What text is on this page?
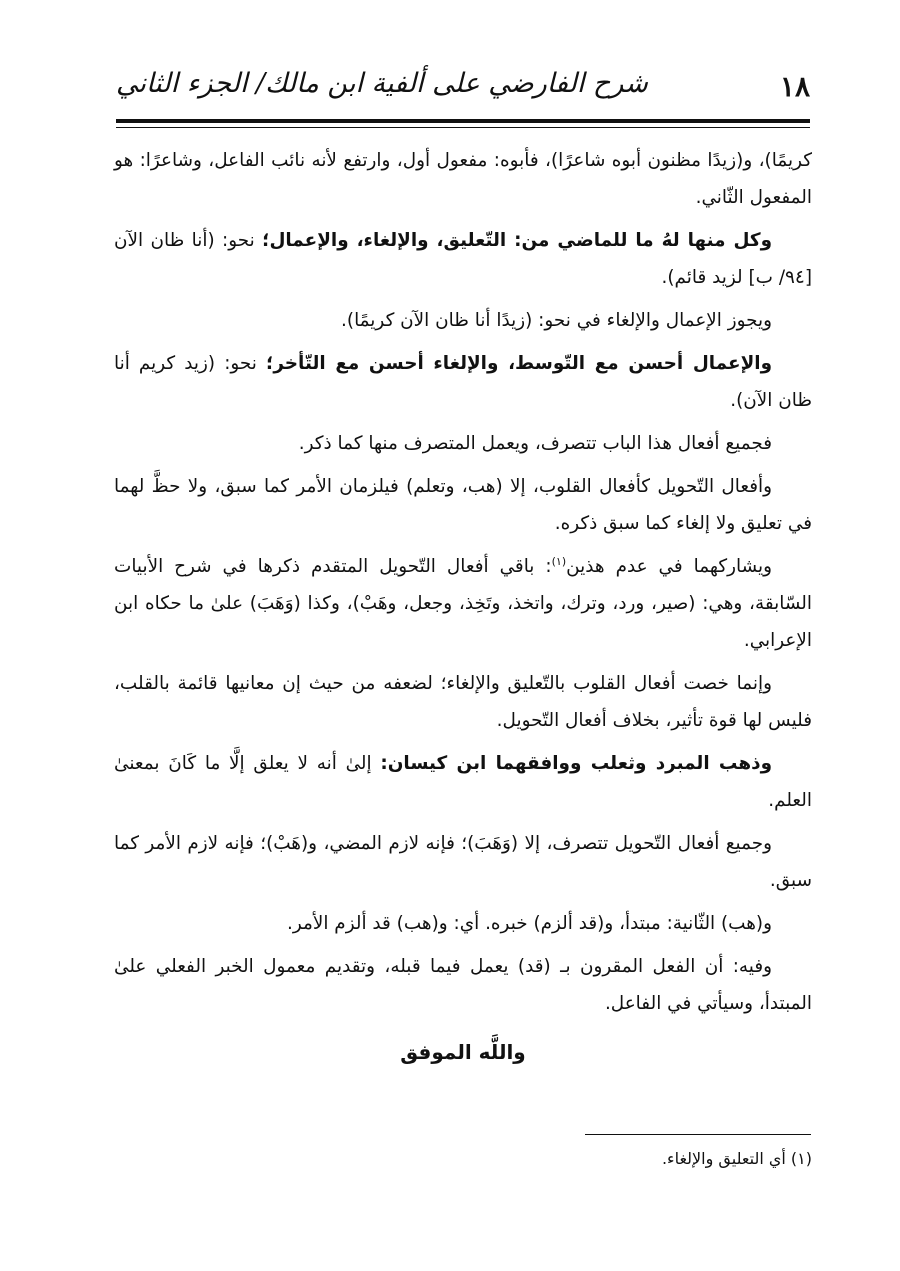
١٨
شرح الفارضي على ألفية ابن مالك/ الجزء الثاني

كريمًا)، و(زيدًا مظنون أبوه شاعرًا)، فأبوه: مفعول أول، وارتفع لأنه نائب الفاعل، وشاعرًا: هو المفعول الثّاني.

وكل منها لهُ ما للماضي من: التّعليق، والإلغاء، والإعمال؛ نحو: (أنا ظان الآن [٩٤/ ب] لزيد قائم).

ويجوز الإعمال والإلغاء في نحو: (زيدًا أنا ظان الآن كريمًا).

والإعمال أحسن مع التّوسط، والإلغاء أحسن مع التّأخر؛ نحو: (زيد كريم أنا ظان الآن).

فجميع أفعال هذا الباب تتصرف، ويعمل المتصرف منها كما ذكر.

وأفعال التّحويل كأفعال القلوب، إلا (هب، وتعلم) فيلزمان الأمر كما سبق، ولا حظَّ لهما في تعليق ولا إلغاء كما سبق ذكره.

ويشاركهما في عدم هذين$^{(١)}$: باقي أفعال التّحويل المتقدم ذكرها في شرح الأبيات السّابقة، وهي: (صير، ورد، وترك، واتخذ، وتَخِذ، وجعل، وهَبْ)، وكذا (وَهَبَ) علىٰ ما حكاه ابن الإعرابي.

وإنما خصت أفعال القلوب بالتّعليق والإلغاء؛ لضعفه من حيث إن معانيها قائمة بالقلب، فليس لها قوة تأثير، بخلاف أفعال التّحويل.

وذهب المبرد وثعلب ووافقهما ابن كيسان: إلىٰ أنه لا يعلق إلَّا ما كَانَ بمعنىٰ العلم.

وجميع أفعال التّحويل تتصرف، إلا (وَهَبَ)؛ فإنه لازم المضي، و(هَبْ)؛ فإنه لازم الأمر كما سبق.

و(هب) الثّانية: مبتدأ، و(قد ألزم) خبره. أي: و(هب) قد ألزم الأمر.

وفيه: أن الفعل المقرون بـ (قد) يعمل فيما قبله، وتقديم معمول الخبر الفعلي علىٰ المبتدأ، وسيأتي في الفاعل.

واللَّه الموفق
(١) أي التعليق والإلغاء.
